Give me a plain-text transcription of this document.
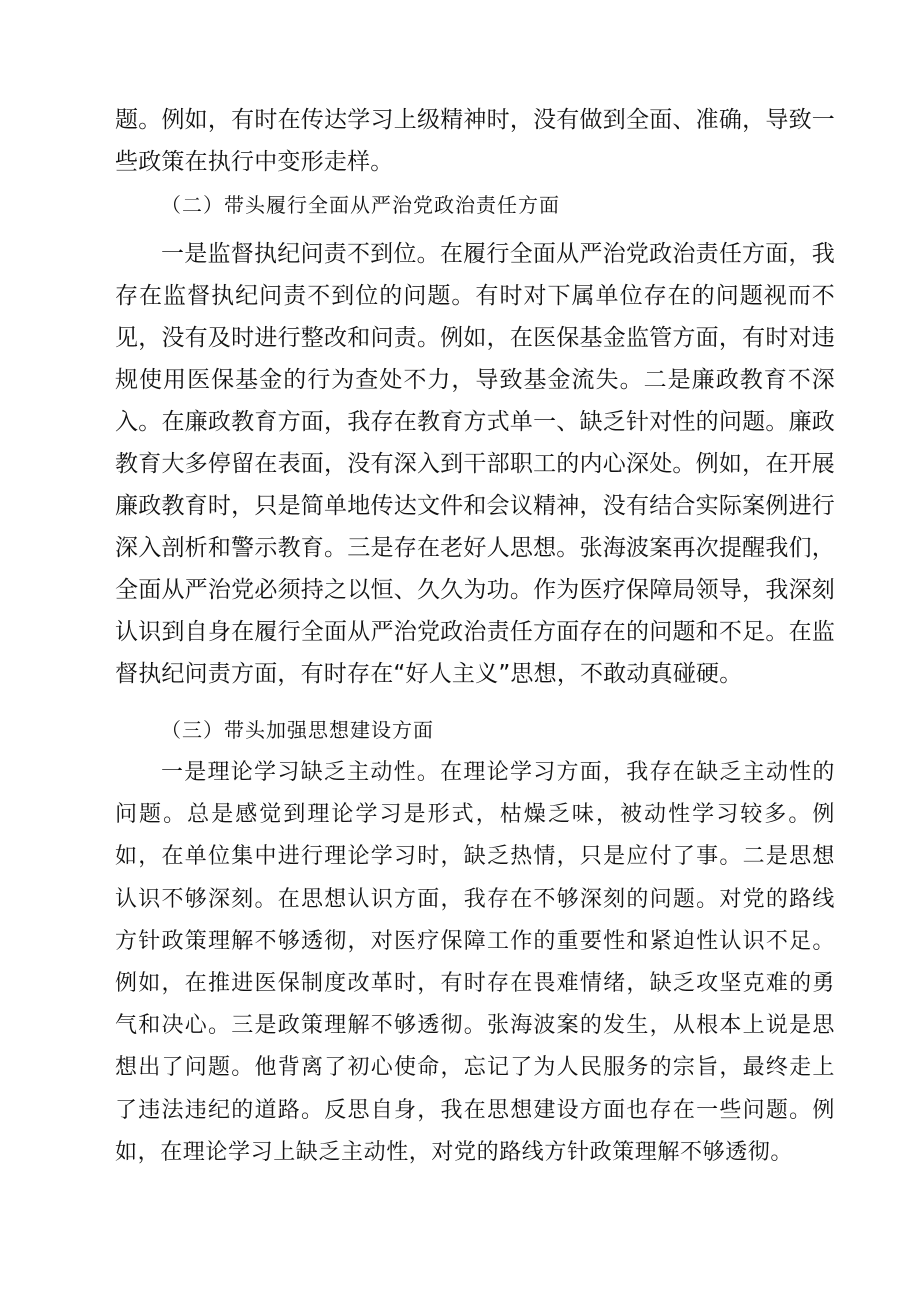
题。例如，有时在传达学习上级精神时，没有做到全面、准确，导致一些政策在执行中变形走样。

（二）带头履行全面从严治党政治责任方面

一是监督执纪问责不到位。在履行全面从严治党政治责任方面，我存在监督执纪问责不到位的问题。有时对下属单位存在的问题视而不见，没有及时进行整改和问责。例如，在医保基金监管方面，有时对违规使用医保基金的行为查处不力，导致基金流失。二是廉政教育不深入。在廉政教育方面，我存在教育方式单一、缺乏针对性的问题。廉政教育大多停留在表面，没有深入到干部职工的内心深处。例如，在开展廉政教育时，只是简单地传达文件和会议精神，没有结合实际案例进行深入剖析和警示教育。三是存在老好人思想。张海波案再次提醒我们，全面从严治党必须持之以恒、久久为功。作为医疗保障局领导，我深刻认识到自身在履行全面从严治党政治责任方面存在的问题和不足。在监督执纪问责方面，有时存在“好人主义”思想，不敢动真碰硬。

（三）带头加强思想建设方面

一是理论学习缺乏主动性。在理论学习方面，我存在缺乏主动性的问题。总是感觉到理论学习是形式，枯燥乏味，被动性学习较多。例如，在单位集中进行理论学习时，缺乏热情，只是应付了事。二是思想认识不够深刻。在思想认识方面，我存在不够深刻的问题。对党的路线方针政策理解不够透彻，对医疗保障工作的重要性和紧迫性认识不足。例如，在推进医保制度改革时，有时存在畏难情绪，缺乏攻坚克难的勇气和决心。三是政策理解不够透彻。张海波案的发生，从根本上说是思想出了问题。他背离了初心使命，忘记了为人民服务的宗旨，最终走上了违法违纪的道路。反思自身，我在思想建设方面也存在一些问题。例如，在理论学习上缺乏主动性，对党的路线方针政策理解不够透彻。
